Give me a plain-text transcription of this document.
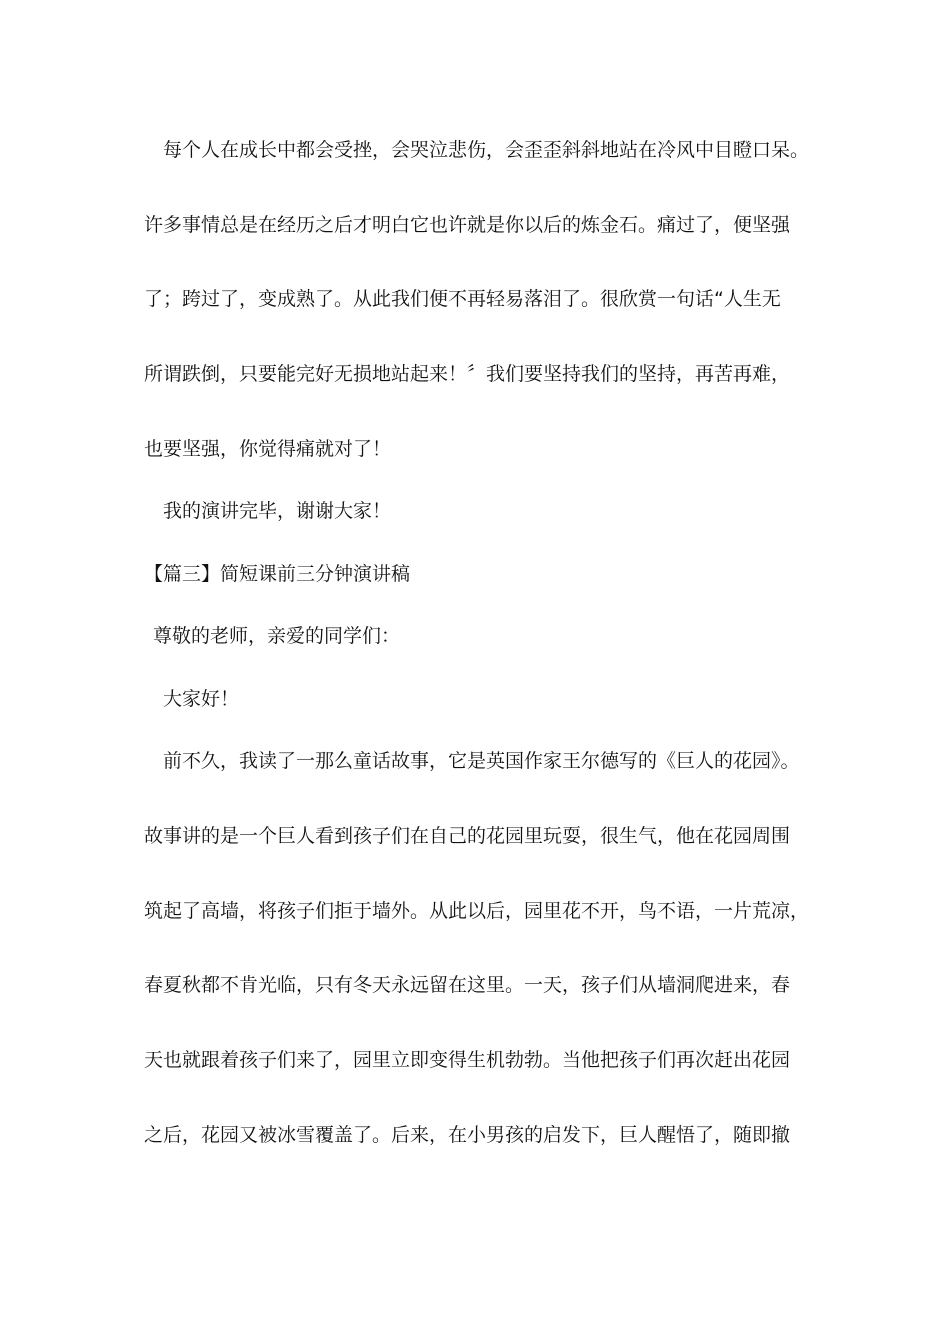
每个人在成长中都会受挫，会哭泣悲伤，会歪歪斜斜地站在冷风中目瞪口呆。
许多事情总是在经历之后才明白它也许就是你以后的炼金石。痛过了，便坚强
了；跨过了，变成熟了。从此我们便不再轻易落泪了。很欣赏一句话“人生无
所谓跌倒，只要能完好无损地站起来！〞我们要坚持我们的坚持，再苦再难，
也要坚强，你觉得痛就对了！
我的演讲完毕，谢谢大家！
【篇三】简短课前三分钟演讲稿
尊敬的老师，亲爱的同学们：
大家好！
前不久，我读了一那么童话故事，它是英国作家王尔德写的《巨人的花园》。
故事讲的是一个巨人看到孩子们在自己的花园里玩耍，很生气，他在花园周围
筑起了高墙，将孩子们拒于墙外。从此以后，园里花不开，鸟不语，一片荒凉，
春夏秋都不肯光临，只有冬天永远留在这里。一天，孩子们从墙洞爬进来，春
天也就跟着孩子们来了，园里立即变得生机勃勃。当他把孩子们再次赶出花园
之后，花园又被冰雪覆盖了。后来，在小男孩的启发下，巨人醒悟了，随即撤
